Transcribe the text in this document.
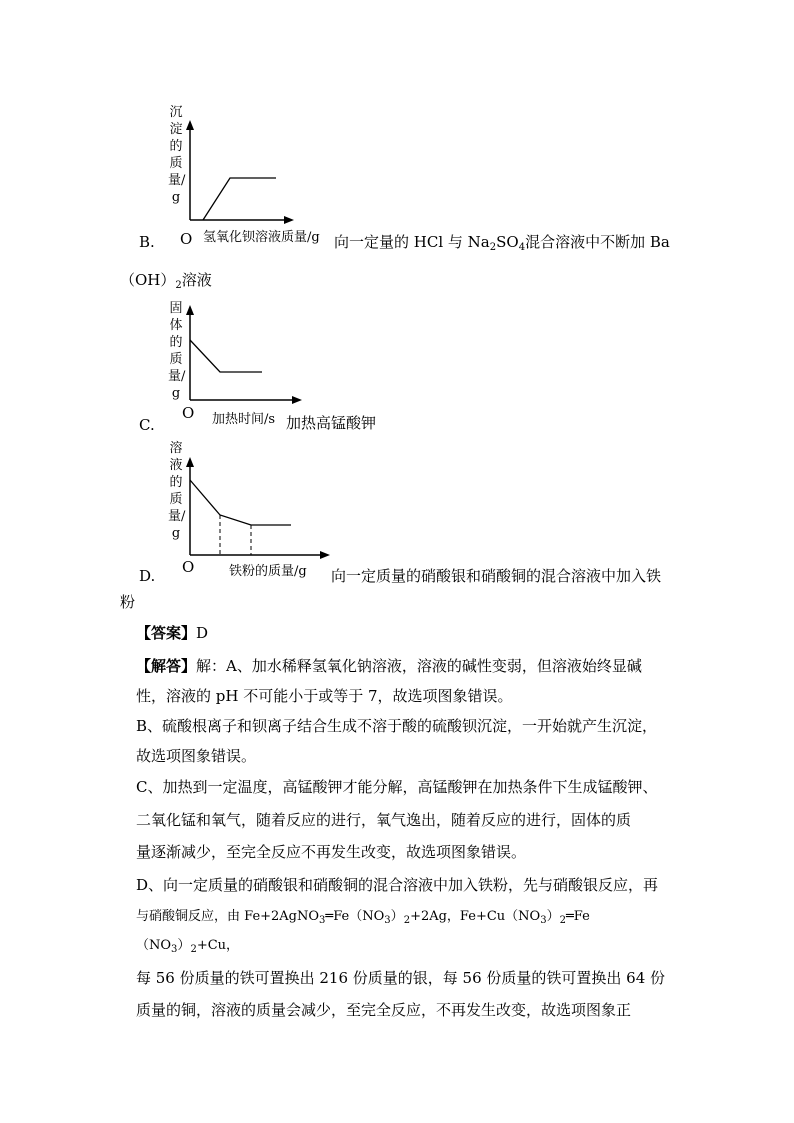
沉淀的质量/g
B. O 氢氧化钡溶液质量/g 向一定量的 HCl 与 $Na_2SO_4$混合溶液中不断加 Ba
$(OH)_2$溶液
固体的质量/g
C.
O 加热时间/s 加热高锰酸钾
溶液的质量/g
D. O	铁粉的质量/g 向一定质量的硝酸银和硝酸铜的混合溶液中加入铁
粉
【答案】D
【解答】解：A、加水稀释氢氧化钠溶液，溶液的碱性变弱，但溶液始终显碱
性，溶液的 pH 不可能小于或等于 7，故选项图象错误。
B、硫酸根离子和钡离子结合生成不溶于酸的硫酸钡沉淀，一开始就产生沉淀，
故选项图象错误。
C、加热到一定温度，高锰酸钾才能分解，高锰酸钾在加热条件下生成锰酸钾、
二氧化锰和氧气，随着反应的进行，氧气逸出，随着反应的进行，固体的质
量逐渐减少，至完全反应不再发生改变，故选项图象错误。
D、向一定质量的硝酸银和硝酸铜的混合溶液中加入铁粉，先与硝酸银反应，再
与硝酸铜反应，由 $Fe+2AgNO_3═Fe(NO_3)_2+2Ag$，$Fe+Cu(NO_3)_2═Fe$
$(NO_3)_2+Cu$，
每 56 份质量的铁可置换出 216 份质量的银，每 56 份质量的铁可置换出 64 份
质量的铜，溶液的质量会减少，至完全反应，不再发生改变，故选项图象正
